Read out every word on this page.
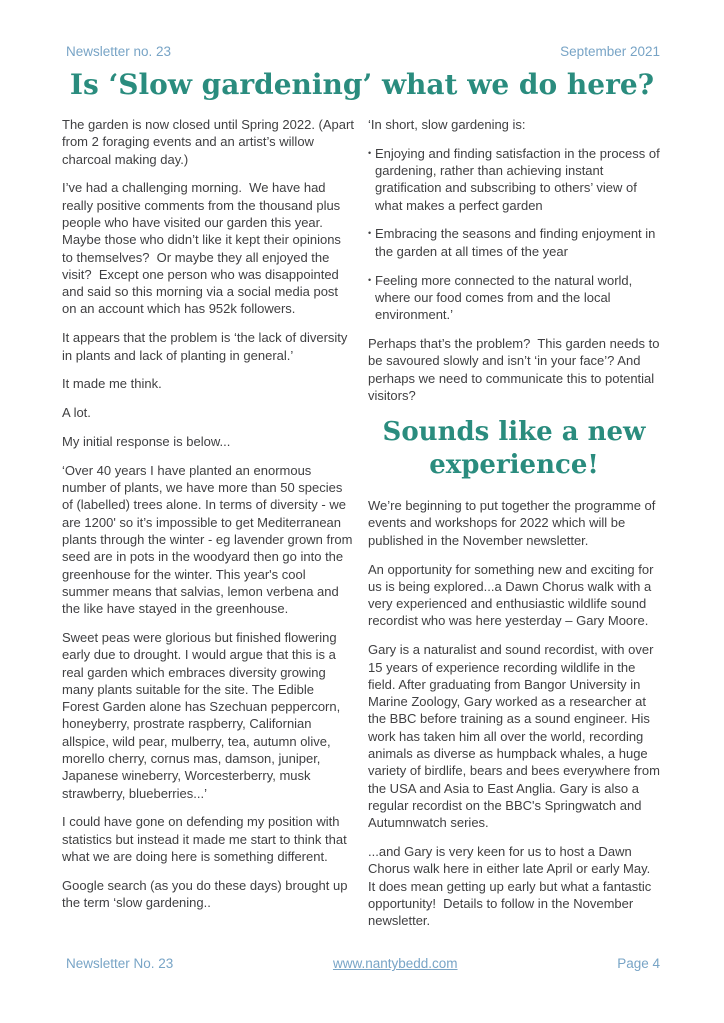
Newsletter no. 23	September 2021
Is ‘Slow gardening’ what we do here?

The garden is now closed until Spring 2022. (Apart from 2 foraging events and an artist’s willow charcoal making day.)

I’ve had a challenging morning.  We have had really positive comments from the thousand plus people who have visited our garden this year. Maybe those who didn’t like it kept their opinions to themselves?  Or maybe they all enjoyed the visit?  Except one person who was disappointed and said so this morning via a social media post on an account which has 952k followers.

It appears that the problem is ‘the lack of diversity in plants and lack of planting in general.’

It made me think.

A lot.

My initial response is below...

‘Over 40 years I have planted an enormous number of plants, we have more than 50 species of (labelled) trees alone. In terms of diversity - we are 1200' so it’s impossible to get Mediterranean plants through the winter - eg lavender grown from seed are in pots in the woodyard then go into the greenhouse for the winter. This year's cool summer means that salvias, lemon verbena and the like have stayed in the greenhouse.

Sweet peas were glorious but finished flowering early due to drought. I would argue that this is a real garden which embraces diversity growing many plants suitable for the site. The Edible Forest Garden alone has Szechuan peppercorn, honeyberry, prostrate raspberry, Californian allspice, wild pear, mulberry, tea, autumn olive, morello cherry, cornus mas, damson, juniper, Japanese wineberry, Worcesterberry, musk strawberry, blueberries...’

I could have gone on defending my position with statistics but instead it made me start to think that what we are doing here is something different.

Google search (as you do these days) brought up the term ‘slow gardening..

‘In short, slow gardening is:

• Enjoying and finding satisfaction in the process of gardening, rather than achieving instant gratification and subscribing to others’ view of what makes a perfect garden
• Embracing the seasons and finding enjoyment in the garden at all times of the year
• Feeling more connected to the natural world, where our food comes from and the local environment.’

Perhaps that’s the problem?  This garden needs to be savoured slowly and isn’t ‘in your face’? And perhaps we need to communicate this to potential visitors?

Sounds like a new experience!

We’re beginning to put together the programme of events and workshops for 2022 which will be published in the November newsletter.

An opportunity for something new and exciting for us is being explored...a Dawn Chorus walk with a very experienced and enthusiastic wildlife sound recordist who was here yesterday – Gary Moore.

Gary is a naturalist and sound recordist, with over 15 years of experience recording wildlife in the field. After graduating from Bangor University in Marine Zoology, Gary worked as a researcher at the BBC before training as a sound engineer. His work has taken him all over the world, recording animals as diverse as humpback whales, a huge variety of birdlife, bears and bees everywhere from the USA and Asia to East Anglia. Gary is also a regular recordist on the BBC's Springwatch and Autumnwatch series.

...and Gary is very keen for us to host a Dawn Chorus walk here in either late April or early May. It does mean getting up early but what a fantastic opportunity!  Details to follow in the November newsletter.

Newsletter No. 23	www.nantybedd.com	Page 4
